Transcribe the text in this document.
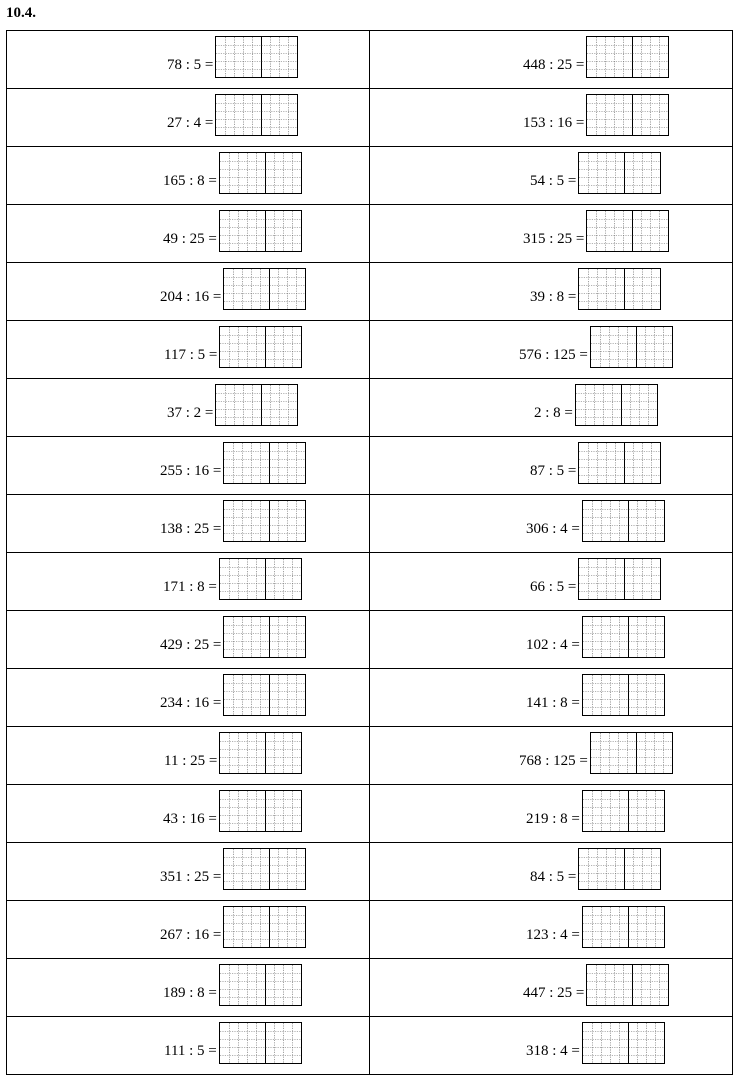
10.4.
78 : 5 =	448 : 25 =

27 : 4 =	153 : 16 =

165 : 8 =	54 : 5 =

49 : 25 =	315 : 25 =

204 : 16 =	39 : 8 =

117 : 5 =	576 : 125 =

37 : 2 =	2 : 8 =

255 : 16 =	87 : 5 =

138 : 25 =	306 : 4 =

171 : 8 =	66 : 5 =

429 : 25 =	102 : 4 =

234 : 16 =	141 : 8 =

11 : 25 =	768 : 125 =

43 : 16 =	219 : 8 =

351 : 25 =	84 : 5 =

267 : 16 =	123 : 4 =

189 : 8 =	447 : 25 =

111 : 5 =	318 : 4 =
